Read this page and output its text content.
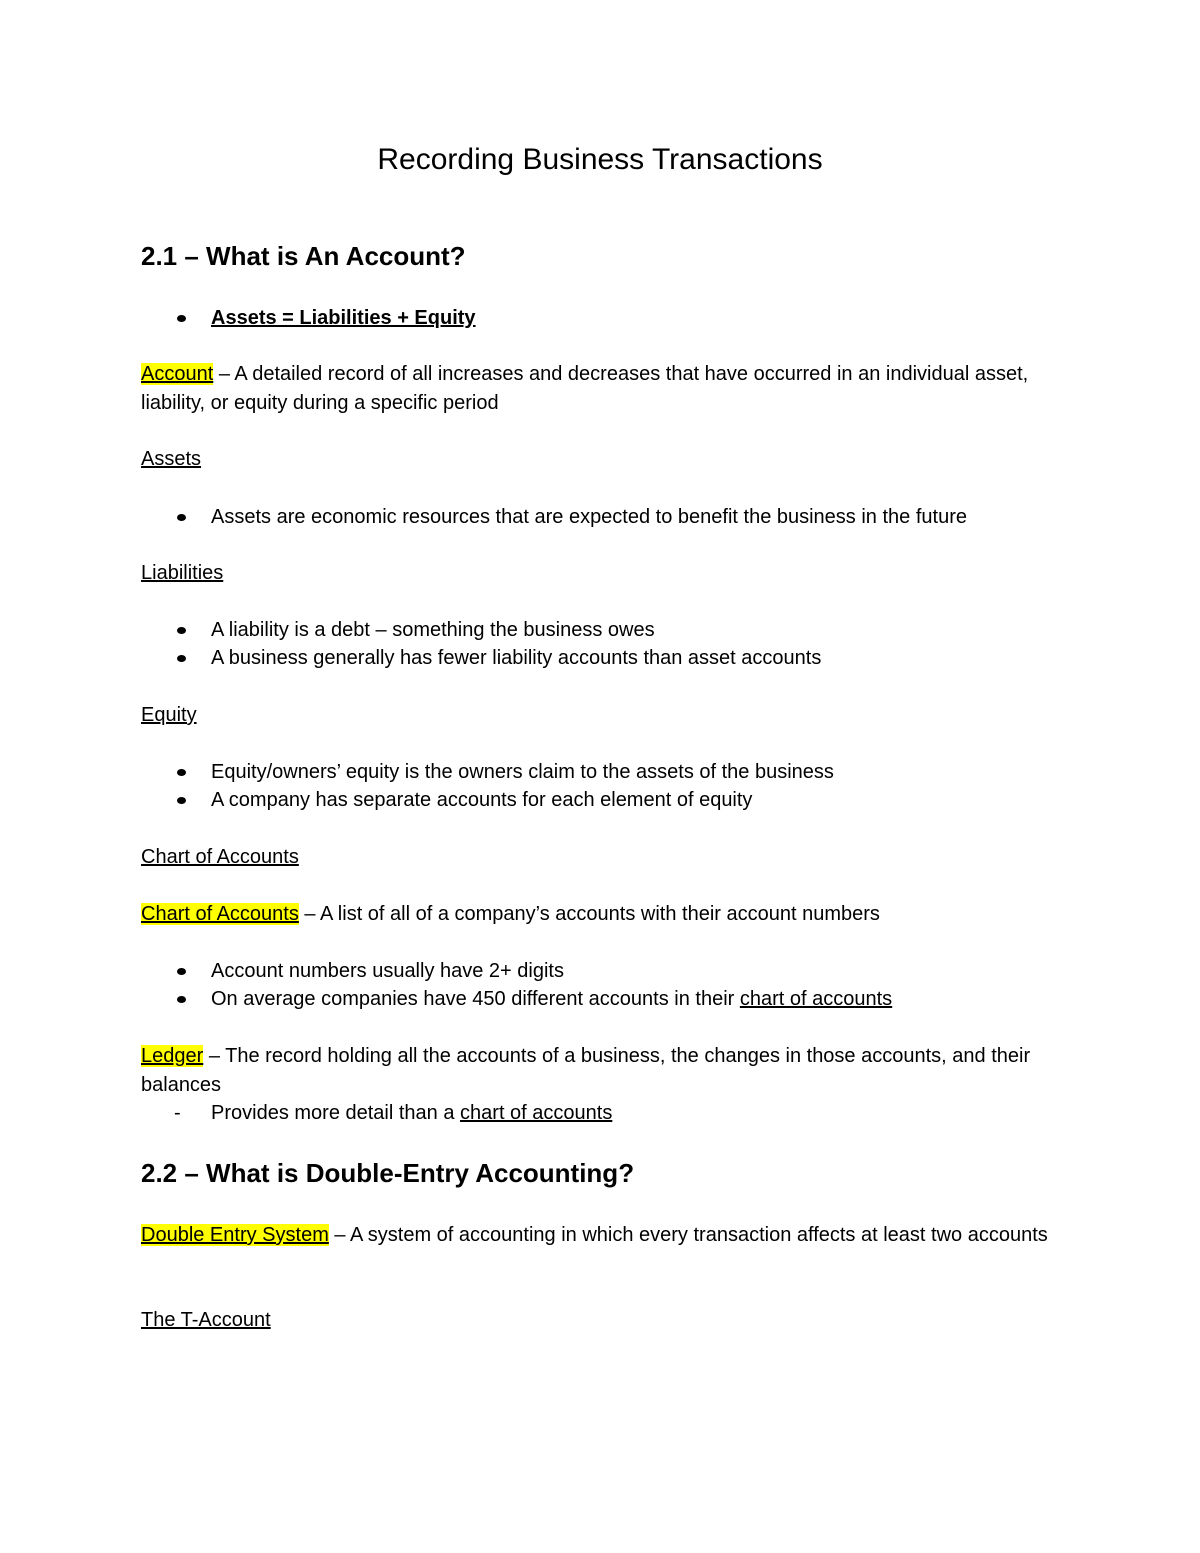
Recording Business Transactions
2.1 – What is An Account?
Assets = Liabilities + Equity

Account – A detailed record of all increases and decreases that have occurred in an individual asset, liability, or equity during a specific period

Assets

Assets are economic resources that are expected to benefit the business in the future

Liabilities

A liability is a debt – something the business owes
A business generally has fewer liability accounts than asset accounts

Equity

Equity/owners’ equity is the owners claim to the assets of the business
A company has separate accounts for each element of equity

Chart of Accounts

Chart of Accounts – A list of all of a company’s accounts with their account numbers

Account numbers usually have 2+ digits
On average companies have 450 different accounts in their chart of accounts

Ledger – The record holding all the accounts of a business, the changes in those accounts, and their balances

- Provides more detail than a chart of accounts
2.2 – What is Double-Entry Accounting?

Double Entry System – A system of accounting in which every transaction affects at least two accounts

The T-Account
